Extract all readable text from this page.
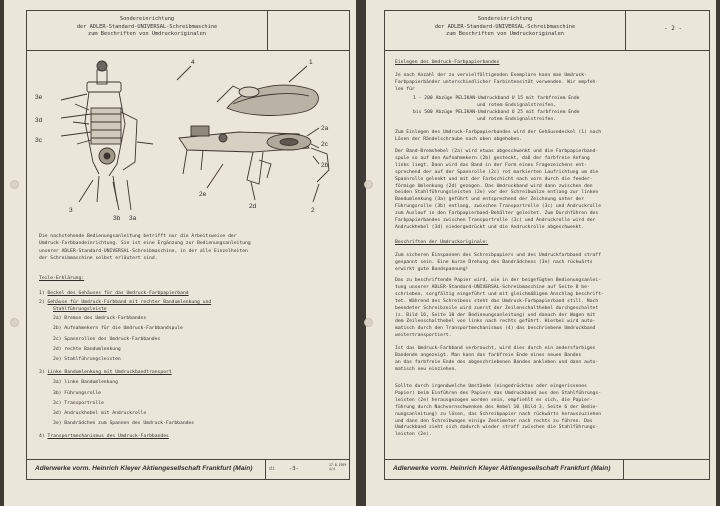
Sondereinrichtung
der ADLER-Standard-UNIVERSAL-Schreibmaschine
zum Beschriften von Umdruckoriginalen
3e
3d
3c
4	1
2a
2c
2b
2e
2d
3
3b 3a
2
Die nachstehende Bedienungsanleitung betrifft nur die Arbeitsweise der
Umdruck-Farbbandeinrichtung. Sie ist eine Ergänzung zur Bedienungsanleitung
unserer ADLER-Standard-UNIVERSAL-Schreibmaschine, in der alle Einzelheiten
der Schreibmaschine selbst erläutert sind.
Teile-Erklärung:
1) Deckel des Gehäuses für das Umdruck-Farbpapierband
2) Gehäuse für Umdruck-Farbband mit rechter Bandumlenkung und
Stahlführungsleiste
2a) Bremse des Umdruck-Farbbandes
2b) Aufnahmekern für die Umdruck-Farbbandspule
2c) Spannrollen des Umdruck-Farbbandes
2d) rechte Bandumlenkung
2e) Stahlführungsleisten
3) Linke Bandumlenkung mit Umdruckbandtransport
3a) linke Bandumlenkung
3b) Führungsrolle
3c) Transportrolle
3d) Andruckhebel mit Andruckrolle
3e) Bandrädchen zum Spannen des Umdruck-Farbbandes
4) Transportmechanismus des Umdruck-Farbbandes
Adlerwerke vorm. Heinrich Kleyer Aktiengesellschaft Frankfurt (Main)	di	-3-
17.8.1959
4/4
Sondereinrichtung
der ADLER-Standard-UNIVERSAL-Schreibmaschine
zum Beschriften von Umdruckoriginalen
- 2 -
Einlegen des Umdruck-Farbpapierbandes
Je nach Anzahl der zu vervielfältigenden Exemplare kann man Umdruck-
Farbpapierbänder unterschiedlicher Farbintensität verwenden. Wir empfeh-
len für
1 - 200 Abzüge PELIKAN-Umdruckband U 15 mit farbfreiem Ende
und rotem Endsignalstreifen,
bis 500 Abzüge PELIKAN-Umdruckband U 25 mit farbfreiem Ende
und rotem Endsignalstreifen.
Zum Einlegen des Umdruck-Farbpapierbandes wird der Gehäusedeckel (1) nach
Lösen der Rändelschraube nach oben abgehoben.
Der Band-Bremshebel (2a) wird etwas abgeschwenkt und die Farbpapierband-
spule so auf den Aufnahmekern (2b) gesteckt, daß der farbfreie Anfang
links liegt. Dann wird das Band in der Form eines Fragezeichens ent-
sprechend der auf der Spannrolle (2c) rot markierten Laufrichtung um die
Spannrolle gelenkt und mit der Farbschicht nach vorn durch die feeder-
förmige Umlenkung (2d) gezogen. Das Umdruckband wird dann zwischen den
beiden Stahlführungsleisten (2e) vor der Schreibwalze entlang zur linken
Bandumlenkung (3a) geführt und entsprechend der Zeichnung unter der
Führungsrolle (3b) entlang, zwischen Transportrolle (3c) und Andruckrolle
zum Auslauf in den Farbpapierband-Behälter geleitet. Zum Durchführen des
Farbpapierbandes zwischen Transportrolle (3c) und Andruckrolle wird der
Andruckhebel (3d) niedergedrückt und die Andruckrolle abgeschwenkt.
Beschriften der Umdruckoriginale:
Zum sicheren Einspannen des Schreibpapiers und des Umdruckfarbband straff
gespannt sein. Eine kurze Drehung des Bandrädchens (3e) nach rückwärts
erwirkt gute Bandspannung!
Das zu beschriftende Papier wird, wie in der beigefügten Bedienungsanlei-
tung unserer ADLER-Standard-UNIVERSAL-Schreibmaschine auf Seite 8 be-
schrieben, sorgfältig eingeführt und mit gleichmäßigem Anschlag beschrift-
tet. Während des Schreibens steht das Umdruck-Farbpapierband still. Nach
beendeter Schreibzeile wird zuerst der Zeilenschalthebel durchgeschaltet
(s. Bild 16, Seite 10 der Bedienungsanleitung) und danach der Wagen mit
dem Zeilenschalthebel von links nach rechts geführt. Hierbei wird auto-
matisch durch den Transportmechanismus (4) das beschriebene Umdruckband
weitertransportiert.
Ist das Umdruck-Farbband verbraucht, wird dies durch ein andersfarbiges
Bandende angezeigt. Man kann das farbfreie Ende eines neuen Bandes
an das farbfreie Ende des abgeschriebenen Bandes ankleben und dann auto-
matisch neu einziehen.
Sollte durch irgendwelche Umstände (eingedrücktes oder eingerissenes
Papier) beim Einführen des Papiers das Umdruckband aus den Stahlführungs-
leisten (2e) herausgezogen worden sein, empfiehlt es sich, die Papier-
führung durch Nachvornschwenken des Hebel 10 (Bild 3, Seite 6 der Bedie-
nungsanleitung) zu lösen, das Schreibpapier nach rückwärts herauszuziehen
und dann den Schreibwagen einige Zentimeter nach rechts zu führen. Das
Umdruckband zieht sich dadurch wieder straff zwischen die Stahlführungs-
leisten (2e).
Adlerwerke vorm. Heinrich Kleyer Aktiengesellschaft Frankfurt (Main)
